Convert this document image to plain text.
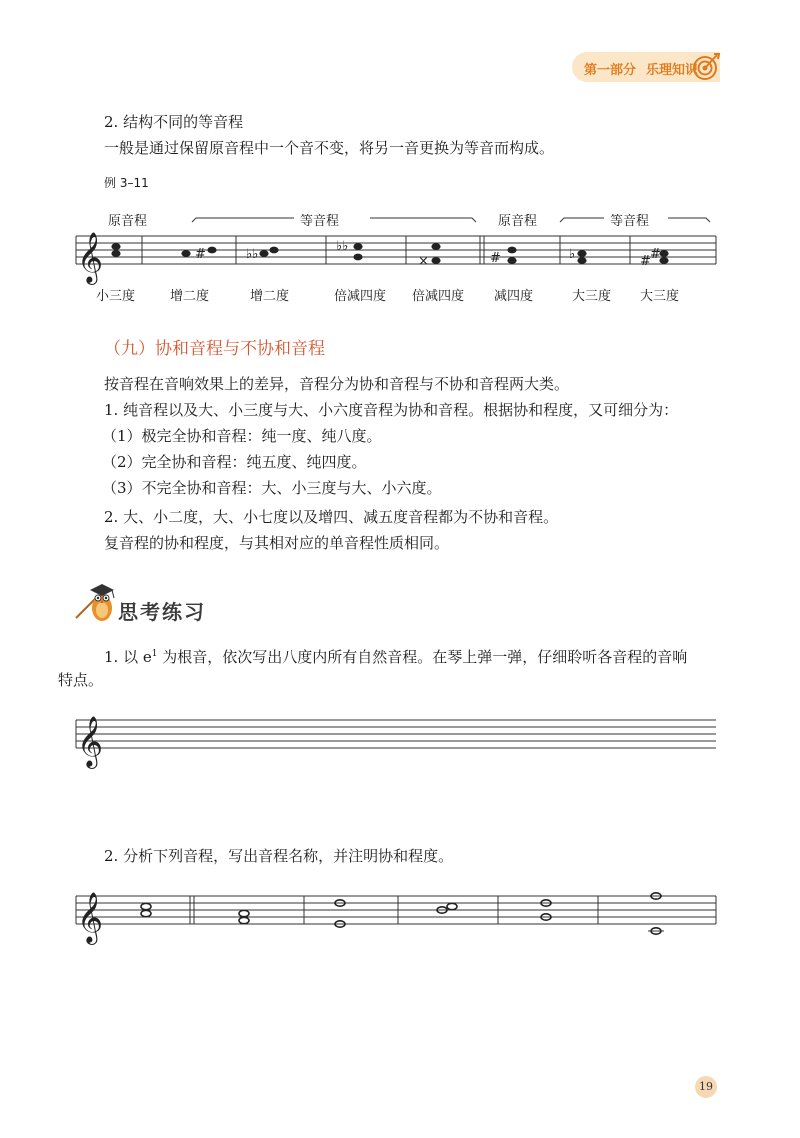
第一部分 乐理知识
2. 结构不同的等音程
一般是通过保留原音程中一个音不变，将另一音更换为等音而构成。
例 3–11
原音程	等音程	原音程	等音程
𝄞	#	♭♭
♭♭
×	#	♭	# #
小三度	增二度	增二度	倍减四度 倍减四度 减四度	大三度 大三度
（九）协和音程与不协和音程
按音程在音响效果上的差异，音程分为协和音程与不协和音程两大类。
1. 纯音程以及大、小三度与大、小六度音程为协和音程。根据协和程度，又可细分为：
（1）极完全协和音程：纯一度、纯八度。
（2）完全协和音程：纯五度、纯四度。
（3）不完全协和音程：大、小三度与大、小六度。
2. 大、小二度，大、小七度以及增四、减五度音程都为不协和音程。
复音程的协和程度，与其相对应的单音程性质相同。
思考练习
1. 以 $e^1$ 为根音，依次写出八度内所有自然音程。在琴上弹一弹，仔细聆听各音程的音响
特点。
𝄞
2. 分析下列音程，写出音程名称，并注明协和程度。
𝄞
19
